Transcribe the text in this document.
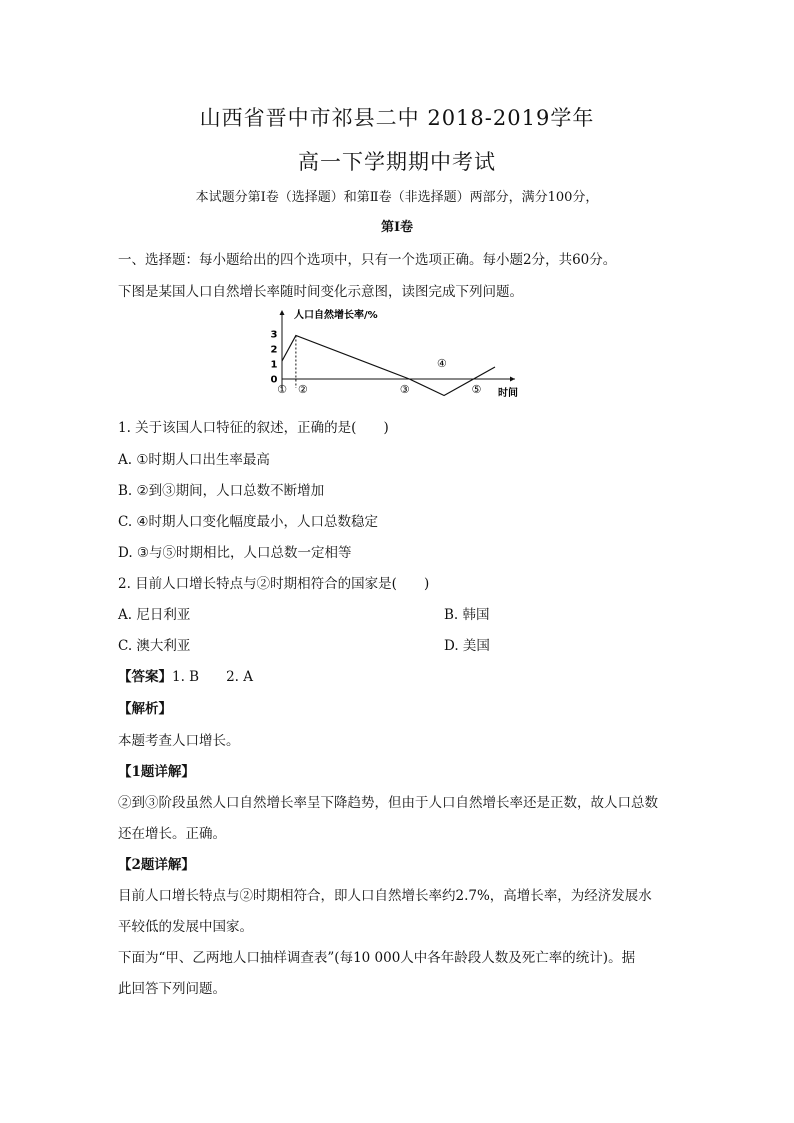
山西省晋中市祁县二中 2018-2019学年
高一下学期期中考试
本试题分第Ⅰ卷（选择题）和第Ⅱ卷（非选择题）两部分，满分100分，
第Ⅰ卷
一、选择题：每小题给出的四个选项中，只有一个选项正确。每小题2分，共60分。
下图是某国人口自然增长率随时间变化示意图，读图完成下列问题。
3
2
1
0
① ②	③
④
⑤
人口自然增长率/%
时间
1. 关于该国人口特征的叙述，正确的是(　　)
A. ①时期人口出生率最高
B. ②到③期间，人口总数不断增加
C. ④时期人口变化幅度最小，人口总数稳定
D. ③与⑤时期相比，人口总数一定相等
2. 目前人口增长特点与②时期相符合的国家是(　　)
A. 尼日利亚	B. 韩国
C. 澳大利亚	D. 美国
【答案】1. B　　2. A
【解析】
本题考查人口增长。
【1题详解】
②到③阶段虽然人口自然增长率呈下降趋势，但由于人口自然增长率还是正数，故人口总数
还在增长。正确。
【2题详解】
目前人口增长特点与②时期相符合，即人口自然增长率约2.7%，高增长率，为经济发展水
平较低的发展中国家。
下面为“甲、乙两地人口抽样调查表”(每10 000人中各年龄段人数及死亡率的统计)。据
此回答下列问题。
